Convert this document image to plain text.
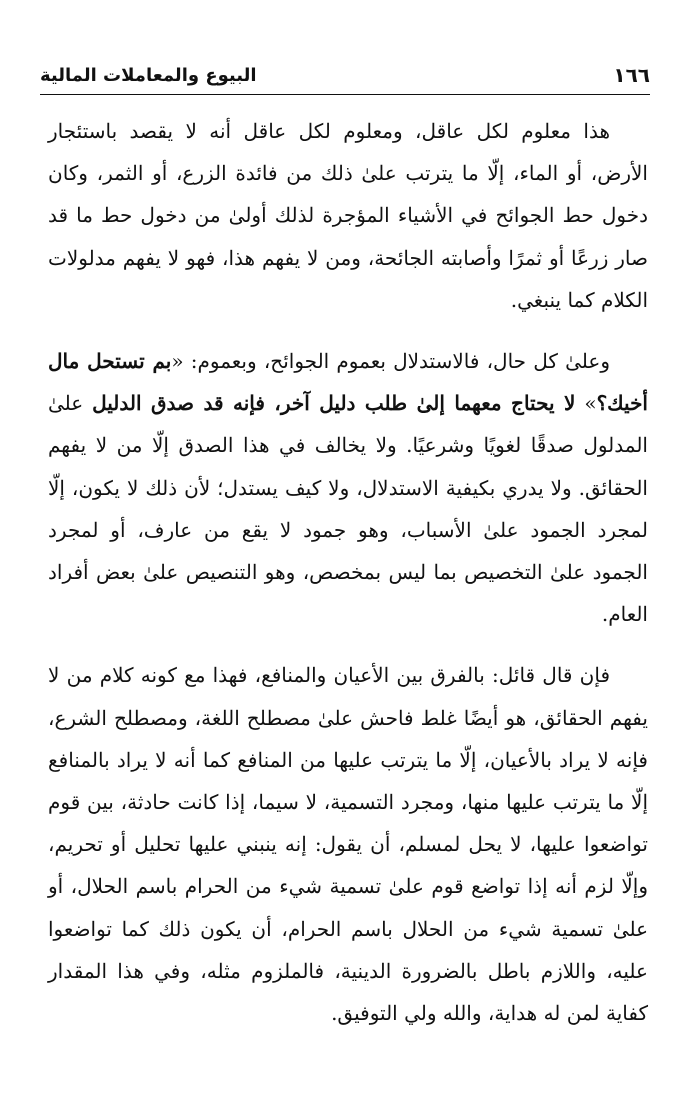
١٦٦
البيوع والمعاملات المالية

هذا معلوم لكل عاقل، ومعلوم لكل عاقل أنه لا يقصد باستئجار الأرض، أو الماء، إلّا ما يترتب علىٰ ذلك من فائدة الزرع، أو الثمر، وكان دخول حط الجوائح في الأشياء المؤجرة لذلك أولىٰ من دخول حط ما قد صار زرعًا أو ثمرًا وأصابته الجائحة، ومن لا يفهم هذا، فهو لا يفهم مدلولات الكلام كما ينبغي.

وعلىٰ كل حال، فالاستدلال بعموم الجوائح، وبعموم: «بم تستحل مال أخيك؟» لا يحتاج معهما إلىٰ طلب دليل آخر، فإنه قد صدق الدليل علىٰ المدلول صدقًا لغويًا وشرعيًا. ولا يخالف في هذا الصدق إلّا من لا يفهم الحقائق. ولا يدري بكيفية الاستدلال، ولا كيف يستدل؛ لأن ذلك لا يكون، إلّا لمجرد الجمود علىٰ الأسباب، وهو جمود لا يقع من عارف، أو لمجرد الجمود علىٰ التخصيص بما ليس بمخصص، وهو التنصيص علىٰ بعض أفراد العام.

فإن قال قائل: بالفرق بين الأعيان والمنافع، فهذا مع كونه كلام من لا يفهم الحقائق، هو أيضًا غلط فاحش علىٰ مصطلح اللغة، ومصطلح الشرع، فإنه لا يراد بالأعيان، إلّا ما يترتب عليها من المنافع كما أنه لا يراد بالمنافع إلّا ما يترتب عليها منها، ومجرد التسمية، لا سيما، إذا كانت حادثة، بين قوم تواضعوا عليها، لا يحل لمسلم، أن يقول: إنه ينبني عليها تحليل أو تحريم، وإلّا لزم أنه إذا تواضع قوم علىٰ تسمية شيء من الحرام باسم الحلال، أو علىٰ تسمية شيء من الحلال باسم الحرام، أن يكون ذلك كما تواضعوا عليه، واللازم باطل بالضرورة الدينية، فالملزوم مثله، وفي هذا المقدار كفاية لمن له هداية، والله ولي التوفيق.
